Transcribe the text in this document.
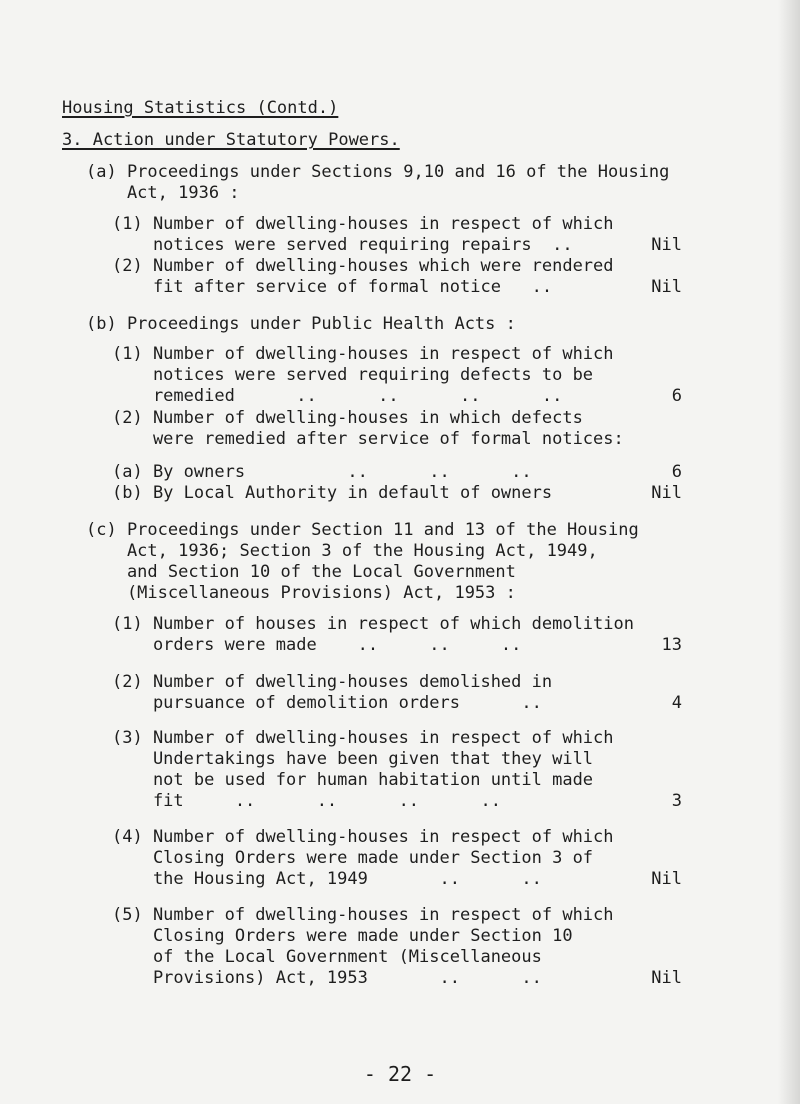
Housing Statistics (Contd.)
3. Action under Statutory Powers.
(a) Proceedings under Sections 9,10 and 16 of the Housing
Act, 1936 :
(1) Number of dwelling-houses in respect of which
notices were served requiring repairs  ..	Nil
(2) Number of dwelling-houses which were rendered
fit after service of formal notice   ..	Nil
(b) Proceedings under Public Health Acts :
(1) Number of dwelling-houses in respect of which
notices were served requiring defects to be
remedied      ..      ..      ..      ..	6
(2) Number of dwelling-houses in which defects
were remedied after service of formal notices:
(a) By owners          ..      ..      ..	6
(b) By Local Authority in default of owners	Nil
(c) Proceedings under Section 11 and 13 of the Housing
Act, 1936; Section 3 of the Housing Act, 1949,
and Section 10 of the Local Government
(Miscellaneous Provisions) Act, 1953 :
(1) Number of houses in respect of which demolition
orders were made    ..     ..     ..	13
(2) Number of dwelling-houses demolished in
pursuance of demolition orders      ..	4
(3) Number of dwelling-houses in respect of which
Undertakings have been given that they will
not be used for human habitation until made
fit     ..      ..      ..      ..	3
(4) Number of dwelling-houses in respect of which
Closing Orders were made under Section 3 of
the Housing Act, 1949       ..      ..	Nil
(5) Number of dwelling-houses in respect of which
Closing Orders were made under Section 10
of the Local Government (Miscellaneous
Provisions) Act, 1953       ..      ..	Nil
- 22 -
